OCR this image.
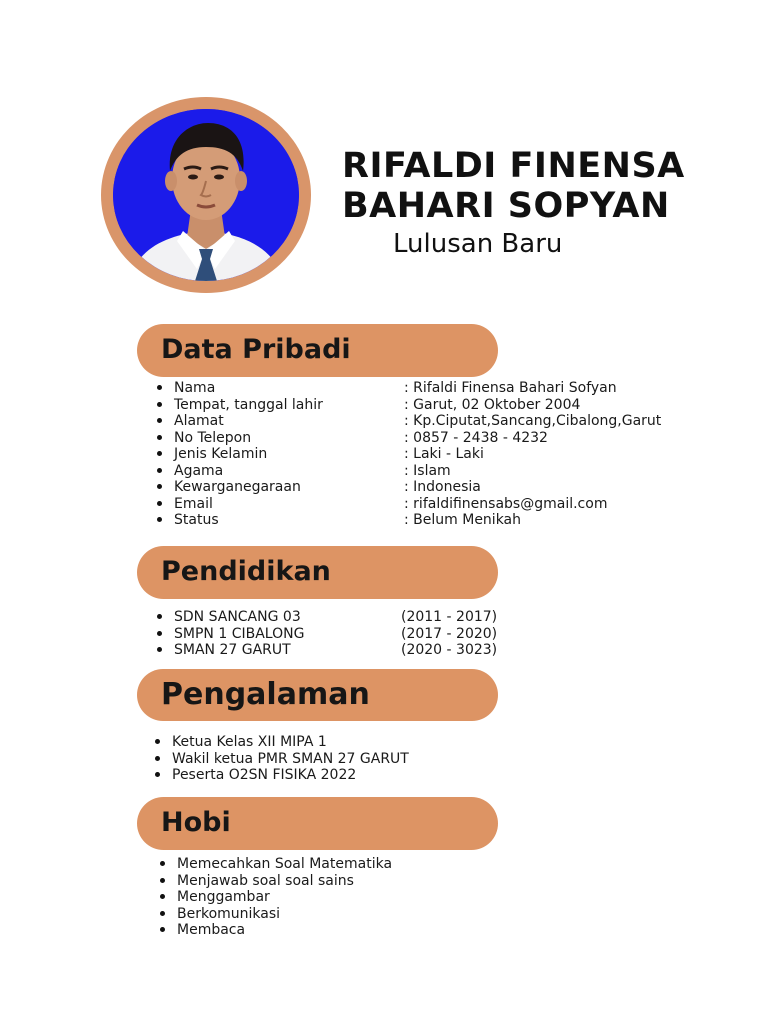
RIFALDI FINENSA
BAHARI SOPYAN

Lulusan Baru

Data Pribadi
Nama	: Rifaldi Finensa Bahari Sofyan
Tempat, tanggal lahir	: Garut, 02 Oktober 2004
Alamat	: Kp.Ciputat,Sancang,Cibalong,Garut
No Telepon	: 0857 - 2438 - 4232
Jenis Kelamin	: Laki - Laki
Agama	: Islam
Kewarganegaraan	: Indonesia
Email	: rifaldifinensabs@gmail.com
Status	: Belum Menikah
Pendidikan
SDN SANCANG 03	(2011 - 2017)
SMPN 1 CIBALONG	(2017 - 2020)
SMAN 27 GARUT	(2020 - 3023)
Pengalaman
Ketua Kelas XII MIPA 1
Wakil ketua PMR SMAN 27 GARUT
Peserta O2SN FISIKA 2022
Hobi
Memecahkan Soal Matematika
Menjawab soal soal sains
Menggambar
Berkomunikasi
Membaca
